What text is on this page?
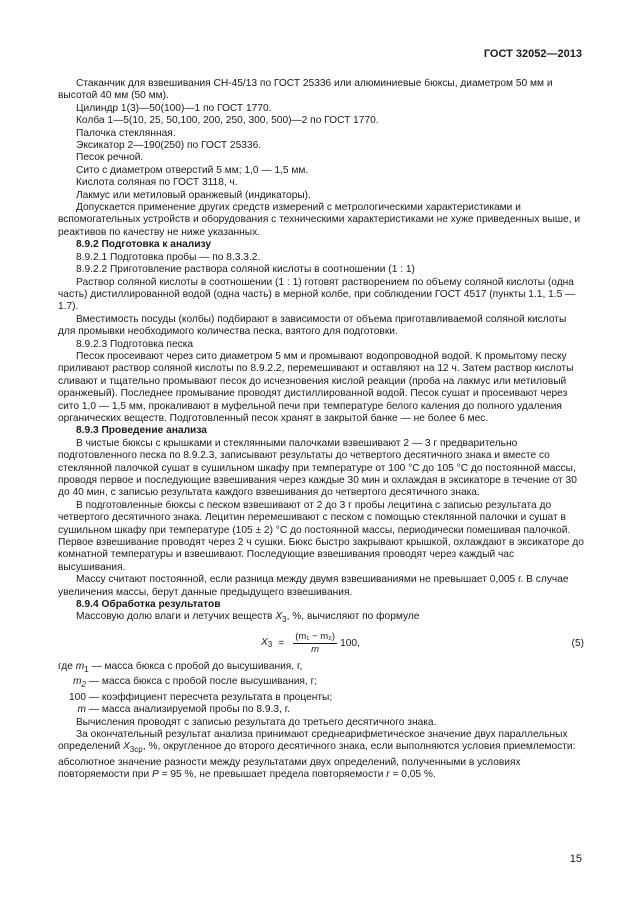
ГОСТ 32052—2013

Стаканчик для взвешивания СН-45/13 по ГОСТ 25336 или алюминиевые бюксы, диаметром 50 мм и высотой 40 мм (50 мм).

Цилиндр 1(3)—50(100)—1 по ГОСТ 1770.

Колба 1—5(10, 25, 50,100, 200, 250, 300, 500)—2 по ГОСТ 1770.

Палочка стеклянная.

Эксикатор 2—190(250) по ГОСТ 25336.

Песок речной.

Сито с диаметром отверстий 5 мм; 1,0 — 1,5 мм.

Кислота соляная по ГОСТ 3118, ч.

Лакмус или метиловый оранжевый (индикаторы).

Допускается применение других средств измерений с метрологическими характеристиками и вспомогательных устройств и оборудования с техническими характеристиками не хуже приведенных выше, и реактивов по качеству не ниже указанных.

8.9.2 Подготовка к анализу

8.9.2.1 Подготовка пробы — по 8.3.3.2.

8.9.2.2 Приготовление раствора соляной кислоты в соотношении (1 : 1)

Раствор соляной кислоты в соотношении (1 : 1) готовят растворением по объему соляной кислоты (одна часть) дистиллированной водой (одна часть) в мерной колбе, при соблюдении ГОСТ 4517 (пункты 1.1, 1.5 — 1.7).

Вместимость посуды (колбы) подбирают в зависимости от объема приготавливаемой соляной кислоты для промывки необходимого количества песка, взятого для подготовки.

8.9.2.3 Подготовка песка

Песок просеивают через сито диаметром 5 мм и промывают водопроводной водой. К промытому песку приливают раствор соляной кислоты по 8.9.2.2, перемешивают и оставляют на 12 ч. Затем раствор кислоты сливают и тщательно промывают песок до исчезновения кислой реакции (проба на лакмус или метиловый оранжевый). Последнее промывание проводят дистиллированной водой. Песок сушат и просеивают через сито 1,0 — 1,5 мм, прокаливают в муфельной печи при температуре белого каления до полного удаления органических веществ. Подготовленный песок хранят в закрытой банке — не более 6 мес.

8.9.3 Проведение анализа

В чистые бюксы с крышками и стеклянными палочками взвешивают 2 — 3 г предварительно подготовленного песка по 8.9.2.3, записывают результаты до четвертого десятичного знака и вместе со стеклянной палочкой сушат в сушильном шкафу при температуре от 100 °С до 105 °С до постоянной массы, проводя первое и последующие взвешивания через каждые 30 мин и охлаждая в эксикаторе в течение от 30 до 40 мин, с записью результата каждого взвешивания до четвертого десятичного знака.

В подготовленные бюксы с песком взвешивают от 2 до 3 г пробы лецитина с записью результата до четвертого десятичного знака. Лецитин перемешивают с песком с помощью стеклянной палочки и сушат в сушильном шкафу при температуре (105 ± 2) °С до постоянной массы, периодически помешивая палочкой. Первое взвешивание проводят через 2 ч сушки. Бюкс быстро закрывают крышкой, охлаждают в эксикаторе до комнатной температуры и взвешивают. Последующие взвешивания проводят через каждый час высушивания.

Массу считают постоянной, если разница между двумя взвешиваниями не превышает 0,005 г. В случае увеличения массы, берут данные предыдущего взвешивания.

8.9.4 Обработка результатов

Массовую долю влаги и летучих веществ $X_3$, %, вычисляют по формуле

$X_3 = \frac{\text{(m₁ − m₂)}}{m} 100$,	(5)

где $m_1$ — масса бюкса с пробой до высушивания, г,

$m_2$ — масса бюкса с пробой после высушивания, г;

100 — коэффициент пересчета результата в проценты;

m — масса анализируемой пробы по 8.9.3, г.

Вычисления проводят с записью результата до третьего десятичного знака.

За окончательный результат анализа принимают среднеарифметическое значение двух параллельных определений $X_{3ср}$, %, округленное до второго десятичного знака, если выполняются условия приемлемости: абсолютное значение разности между результатами двух определений, полученными в условиях повторяемости при P = 95 %, не превышает предела повторяемости r = 0,05 %.

15
